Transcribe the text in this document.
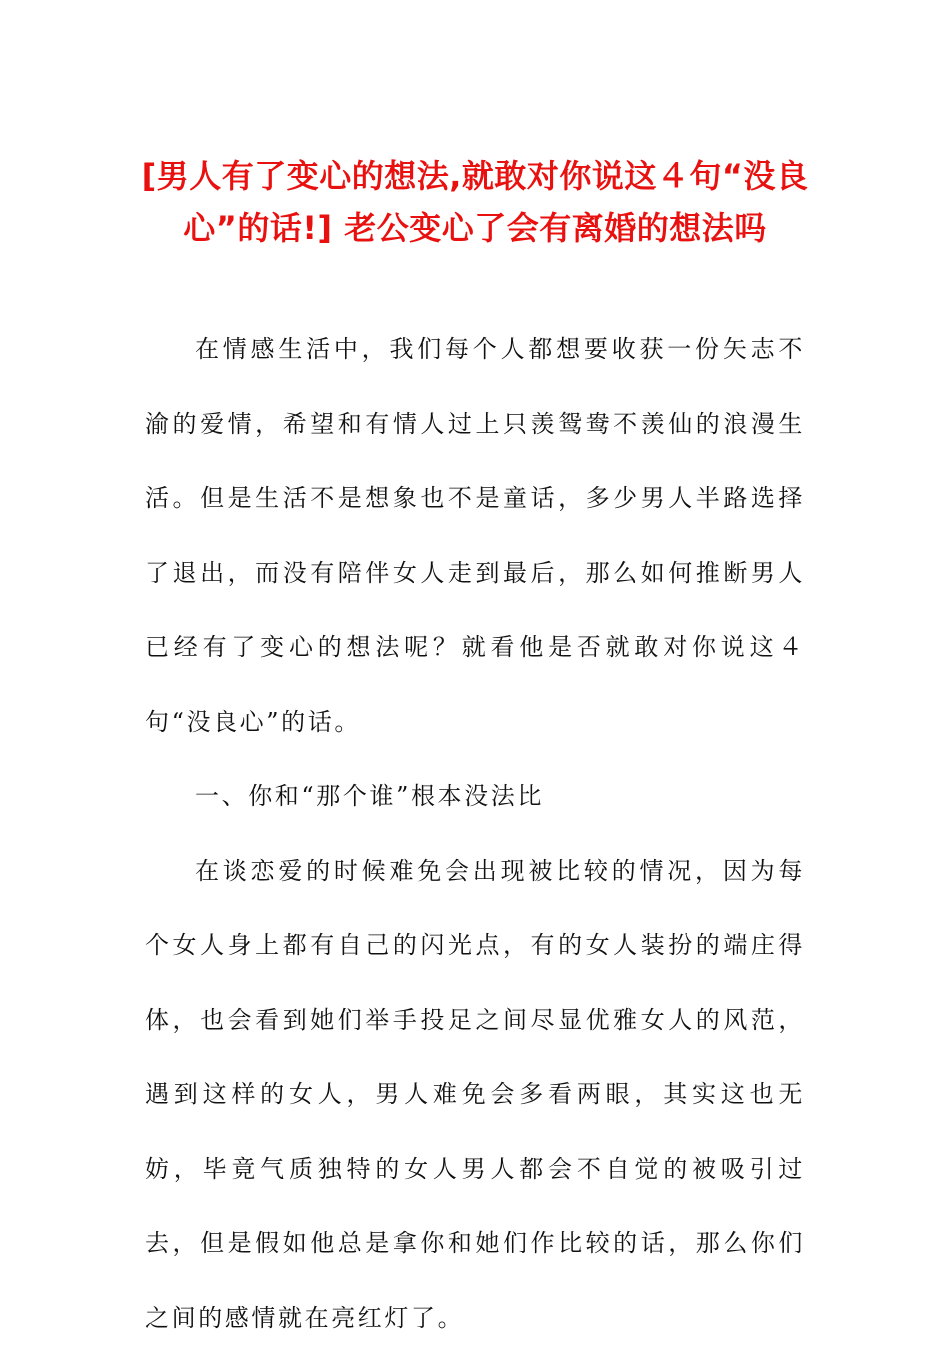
[男人有了变心的想法,就敢对你说这４句“没良心”的话!] 老公变心了会有离婚的想法吗

在情感生活中，我们每个人都想要收获一份矢志不渝的爱情，希望和有情人过上只羡鸳鸯不羡仙的浪漫生活。但是生活不是想象也不是童话，多少男人半路选择了退出，而没有陪伴女人走到最后，那么如何推断男人已经有了变心的想法呢？就看他是否就敢对你说这４句“没良心”的话。

一、你和“那个谁”根本没法比

在谈恋爱的时候难免会出现被比较的情况，因为每个女人身上都有自己的闪光点，有的女人装扮的端庄得体，也会看到她们举手投足之间尽显优雅女人的风范，遇到这样的女人，男人难免会多看两眼，其实这也无妨，毕竟气质独特的女人男人都会不自觉的被吸引过去，但是假如他总是拿你和她们作比较的话，那么你们之间的感情就在亮红灯了。
